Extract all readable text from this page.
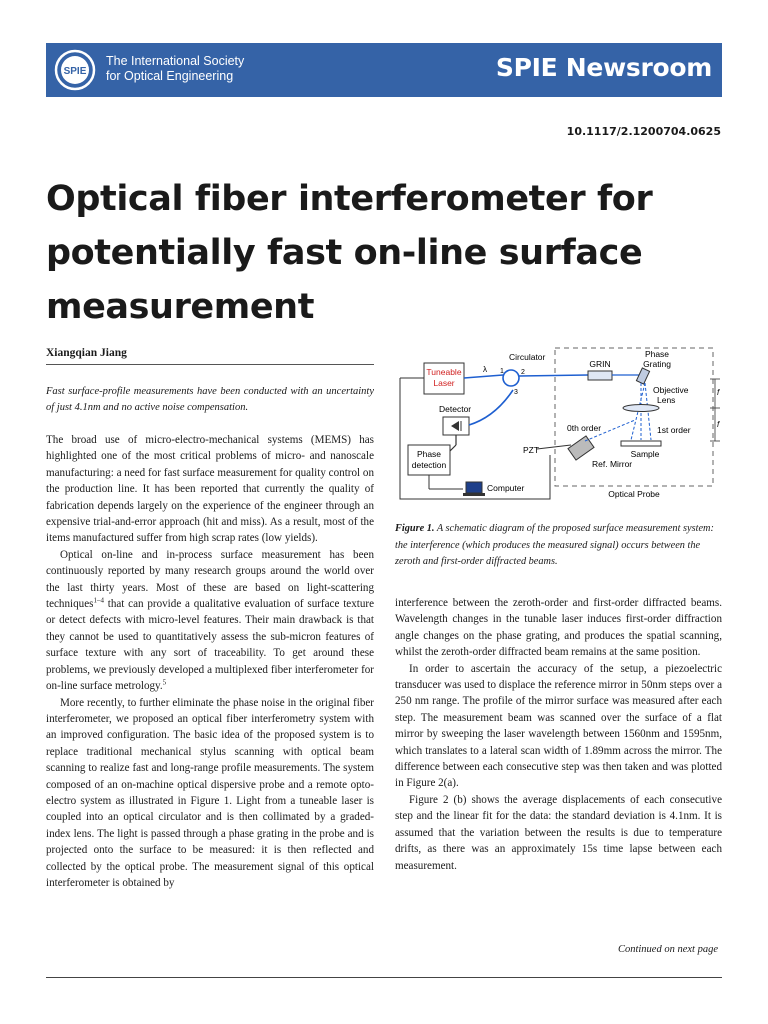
SPIE
The International Society
for Optical Engineering	SPIE Newsroom
10.1117/2.1200704.0625
Optical fiber interferometer for potentially fast on-line surface measurement
Xiangqian Jiang

Fast surface-profile measurements have been conducted with an uncertainty of just 4.1nm and no active noise compensation.

The broad use of micro-electro-mechanical systems (MEMS) has highlighted one of the most critical problems of micro- and nanoscale manufacturing: a need for fast surface measurement for quality control on the production line. It has been reported that currently the quality of fabrication depends largely on the experience of the engineer through an expensive trial-and-error approach (hit and miss). As a result, most of the items manufactured suffer from high scrap rates (low yields).

Optical on-line and in-process surface measurement has been continuously reported by many research groups around the world over the last thirty years. Most of these are based on light-scattering techniques$^{1-4}$ that can provide a qualitative evaluation of surface texture or detect defects with micro-level features. Their main drawback is that they cannot be used to quantitatively assess the sub-micron features of surface texture with any sort of traceability. To get around these problems, we previously developed a multiplexed fiber interferometer for on-line surface metrology.$^5$

More recently, to further eliminate the phase noise in the original fiber interferometer, we proposed an optical fiber interferometry system with an improved configuration. The basic idea of the proposed system is to replace traditional mechanical stylus scanning with optical beam scanning to realize fast and long-range profile measurements. The system composed of an on-machine optical dispersive probe and a remote opto-electro system as illustrated in Figure 1. Light from a tuneable laser is coupled into an optical circulator and is then collimated by a graded-index lens. The light is passed through a phase grating in the probe and is projected onto the surface to be measured: it is then reflected and collected by the optical probe. The measurement signal of this optical interferometer is obtained by

Tuneable Laser
λ
Circulator
1 2
3
GRIN
Phase Grating
Objective Lens
0th order	1st order
Sample
f
f
PZT
Ref. Mirror
Detector
Phase detection
Computer
Optical Probe
Figure 1. A schematic diagram of the proposed surface measurement system: the interference (which produces the measured signal) occurs between the zeroth and first-order diffracted beams.

interference between the zeroth-order and first-order diffracted beams. Wavelength changes in the tunable laser induces first-order diffraction angle changes on the phase grating, and produces the spatial scanning, whilst the zeroth-order diffracted beam remains at the same position.

In order to ascertain the accuracy of the setup, a piezoelectric transducer was used to displace the reference mirror in 50nm steps over a 250 nm range. The profile of the mirror surface was measured after each step. The measurement beam was scanned over the surface of a flat mirror by sweeping the laser wavelength between 1560nm and 1595nm, which translates to a lateral scan width of 1.89mm across the mirror. The difference between each consecutive step was then taken and was plotted in Figure 2(a).

Figure 2 (b) shows the average displacements of each consecutive step and the linear fit for the data: the standard deviation is 4.1nm. It is assumed that the variation between the results is due to temperature drifts, as there was an approximately 15s time lapse between each measurement.

Continued on next page
